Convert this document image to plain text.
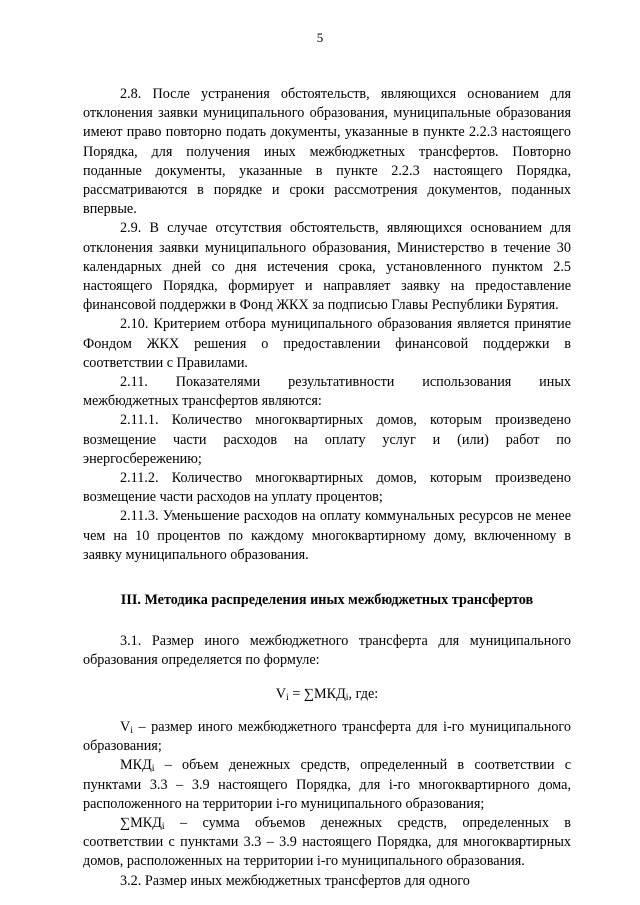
5

2.8. После устранения обстоятельств, являющихся основанием для отклонения заявки муниципального образования, муниципальные образования имеют право повторно подать документы, указанные в пункте 2.2.3 настоящего Порядка, для получения иных межбюджетных трансфертов. Повторно поданные документы, указанные в пункте 2.2.3 настоящего Порядка, рассматриваются в порядке и сроки рассмотрения документов, поданных впервые.

2.9. В случае отсутствия обстоятельств, являющихся основанием для отклонения заявки муниципального образования, Министерство в течение 30 календарных дней со дня истечения срока, установленного пунктом 2.5 настоящего Порядка, формирует и направляет заявку на предоставление финансовой поддержки в Фонд ЖКХ за подписью Главы Республики Бурятия.

2.10. Критерием отбора муниципального образования является принятие Фондом ЖКХ решения о предоставлении финансовой поддержки в соответствии с Правилами.

2.11. Показателями результативности использования иных межбюджетных трансфертов являются:

2.11.1. Количество многоквартирных домов, которым произведено возмещение части расходов на оплату услуг и (или) работ по энергосбережению;

2.11.2. Количество многоквартирных домов, которым произведено возмещение части расходов на уплату процентов;

2.11.3. Уменьшение расходов на оплату коммунальных ресурсов не менее чем на 10 процентов по каждому многоквартирному дому, включенному в заявку муниципального образования.

III. Методика распределения иных межбюджетных трансфертов

3.1. Размер иного межбюджетного трансферта для муниципального образования определяется по формуле:

$V_i = \sum МКД_i$, где:

$V_i$ – размер иного межбюджетного трансферта для i-го муниципального образования;

$МКД_i$ – объем денежных средств, определенный в соответствии с пунктами 3.3 – 3.9 настоящего Порядка, для i-го многоквартирного дома, расположенного на территории i-го муниципального образования;

$\sum МКД_i$ – сумма объемов денежных средств, определенных в соответствии с пунктами 3.3 – 3.9 настоящего Порядка, для многоквартирных домов, расположенных на территории i-го муниципального образования.

3.2. Размер иных межбюджетных трансфертов для одного
